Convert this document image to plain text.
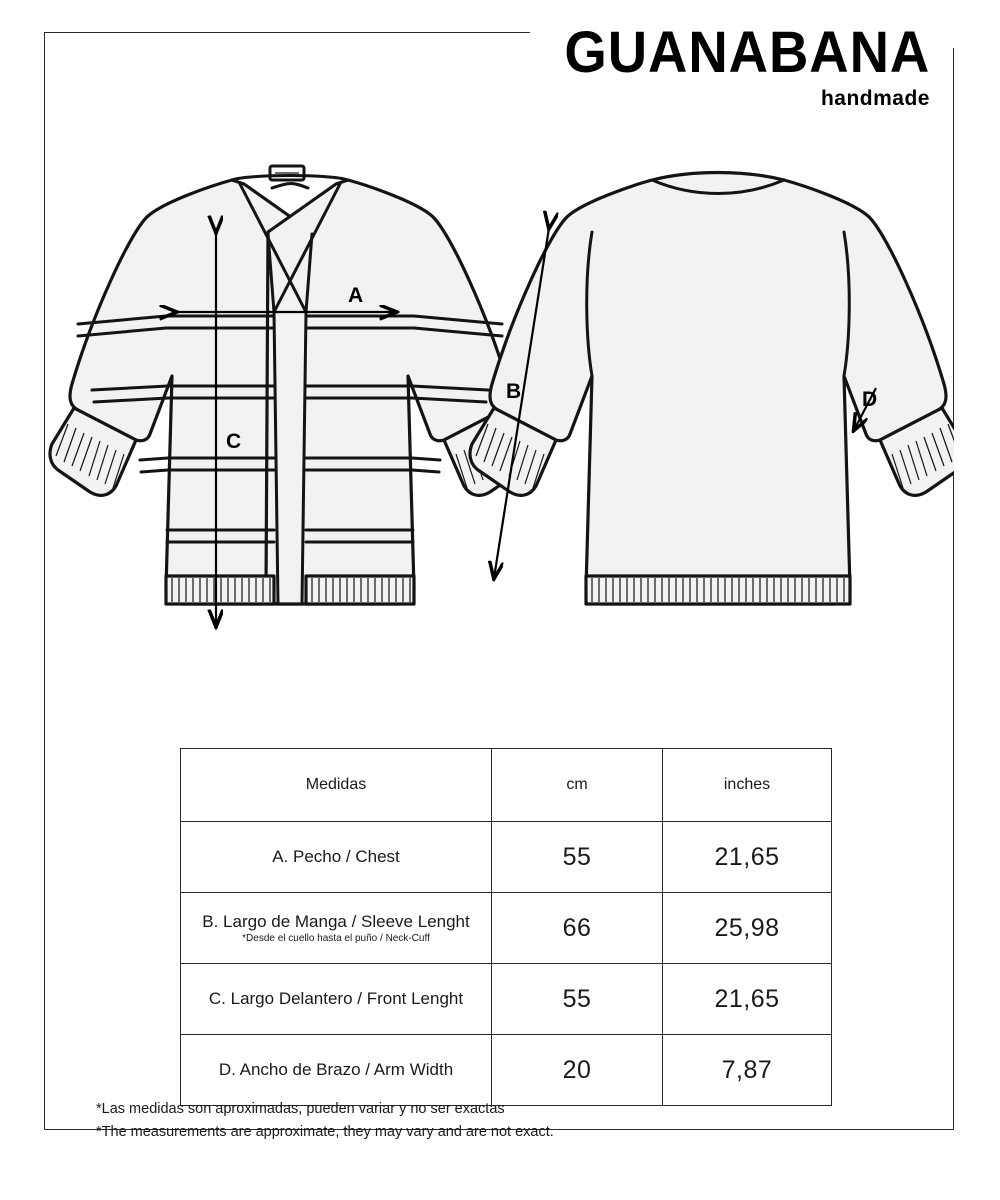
GUANABANA
handmade
A
C
B	D
Medidas	cm	inches
A. Pecho / Chest	55	21,65
B. Largo de Manga / Sleeve Lenght
*Desde el cuello hasta el puño / Neck-Cuff	66	25,98
C. Largo Delantero / Front Lenght	55	21,65
D. Ancho de Brazo / Arm Width	20	7,87
*Las medidas son aproximadas, pueden variar y no ser exactas
*The measurements are approximate, they may vary and are not exact.
